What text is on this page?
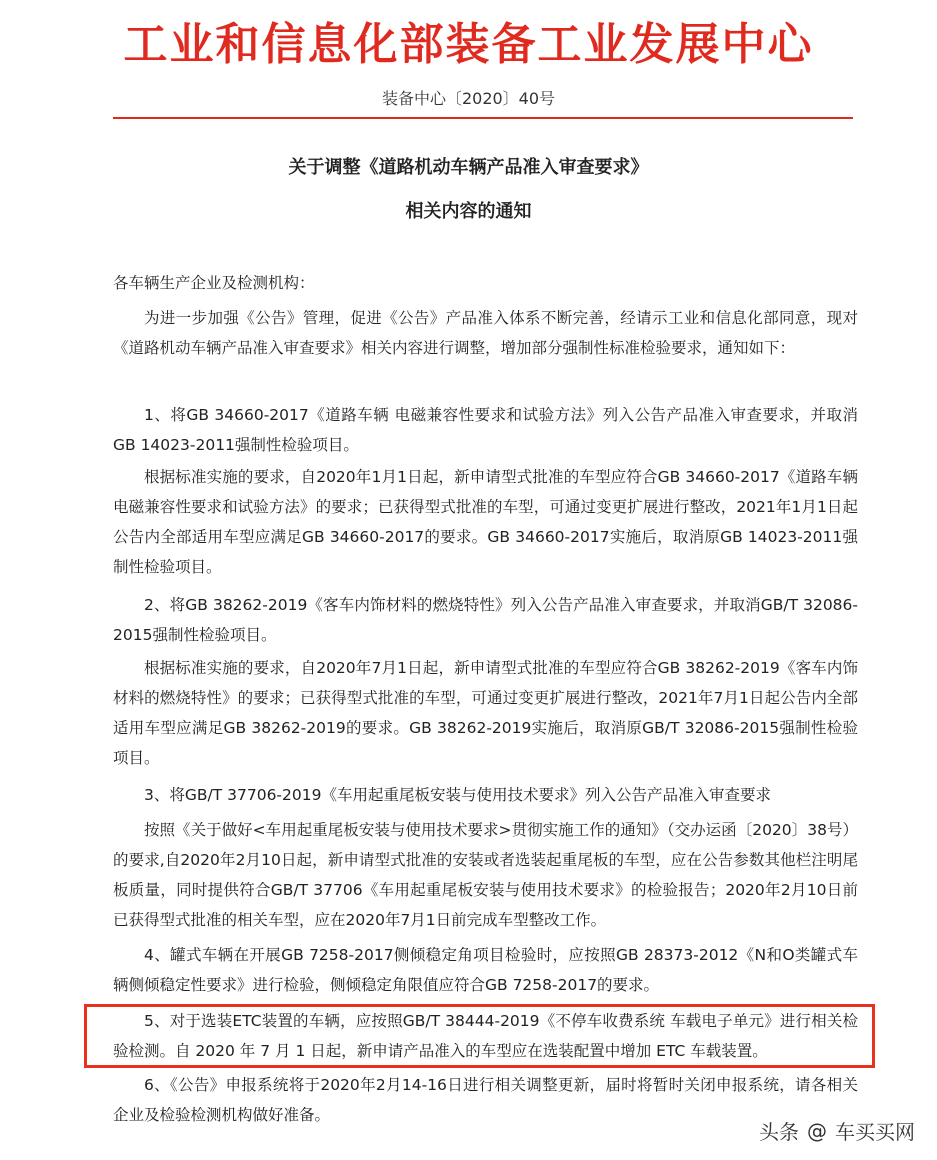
工业和信息化部装备工业发展中心
装备中心〔2020〕40号
关于调整《道路机动车辆产品准入审查要求》
相关内容的通知

各车辆生产企业及检测机构：

为进一步加强《公告》管理，促进《公告》产品准入体系不断完善，经请示工业和信息化部同意，现对《道路机动车辆产品准入审查要求》相关内容进行调整，增加部分强制性标准检验要求，通知如下：

1、将GB 34660-2017《道路车辆 电磁兼容性要求和试验方法》列入公告产品准入审查要求，并取消GB 14023-2011强制性检验项目。

根据标准实施的要求，自2020年1月1日起，新申请型式批准的车型应符合GB 34660-2017《道路车辆 电磁兼容性要求和试验方法》的要求；已获得型式批准的车型，可通过变更扩展进行整改，2021年1月1日起公告内全部适用车型应满足GB 34660-2017的要求。GB 34660-2017实施后，取消原GB 14023-2011强制性检验项目。

2、将GB 38262-2019《客车内饰材料的燃烧特性》列入公告产品准入审查要求，并取消GB/T 32086-2015强制性检验项目。

根据标准实施的要求，自2020年7月1日起，新申请型式批准的车型应符合GB 38262-2019《客车内饰材料的燃烧特性》的要求；已获得型式批准的车型，可通过变更扩展进行整改，2021年7月1日起公告内全部适用车型应满足GB 38262-2019的要求。GB 38262-2019实施后，取消原GB/T 32086-2015强制性检验项目。

3、将GB/T 37706-2019《车用起重尾板安装与使用技术要求》列入公告产品准入审查要求

按照《关于做好<车用起重尾板安装与使用技术要求>贯彻实施工作的通知》（交办运函〔2020〕38号）的要求,自2020年2月10日起，新申请型式批准的安装或者选装起重尾板的车型，应在公告参数其他栏注明尾板质量，同时提供符合GB/T 37706《车用起重尾板安装与使用技术要求》的检验报告；2020年2月10日前已获得型式批准的相关车型，应在2020年7月1日前完成车型整改工作。

4、罐式车辆在开展GB 7258-2017侧倾稳定角项目检验时，应按照GB 28373-2012《N和O类罐式车辆侧倾稳定性要求》进行检验，侧倾稳定角限值应符合GB 7258-2017的要求。

5、对于选装ETC装置的车辆，应按照GB/T 38444-2019《不停车收费系统 车载电子单元》进行相关检验检测。自 2020 年 7 月 1 日起，新申请产品准入的车型应在选装配置中增加 ETC 车载装置。

6、《公告》申报系统将于2020年2月14-16日进行相关调整更新，届时将暂时关闭申报系统，请各相关企业及检验检测机构做好准备。

头条 @ 车买买网
